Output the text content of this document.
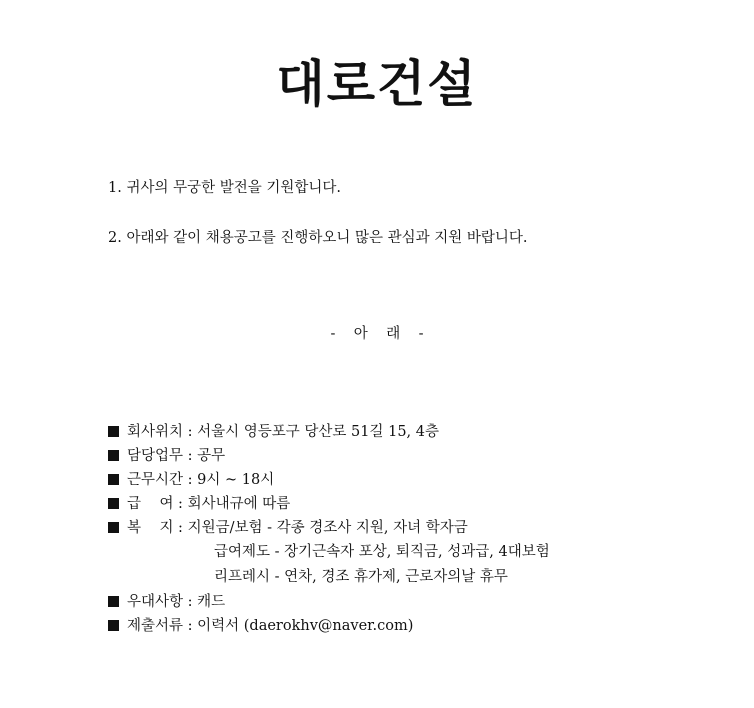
대로건설
1. 귀사의 무궁한 발전을 기원합니다.
2. 아래와 같이 채용공고를 진행하오니 많은 관심과 지원 바랍니다.
-    아    래    -
회사위치 : 서울시 영등포구 당산로 51길 15, 4층
담당업무 : 공무
근무시간 : 9시 ~ 18시
급    여 : 회사내규에 따름
복    지 : 지원금/보험 - 각종 경조사 지원, 자녀 학자금
급여제도 - 장기근속자 포상, 퇴직금, 성과급, 4대보험
리프레시 - 연차, 경조 휴가제, 근로자의날 휴무
우대사항 : 캐드
제출서류 : 이력서 (daerokhv@naver.com)
